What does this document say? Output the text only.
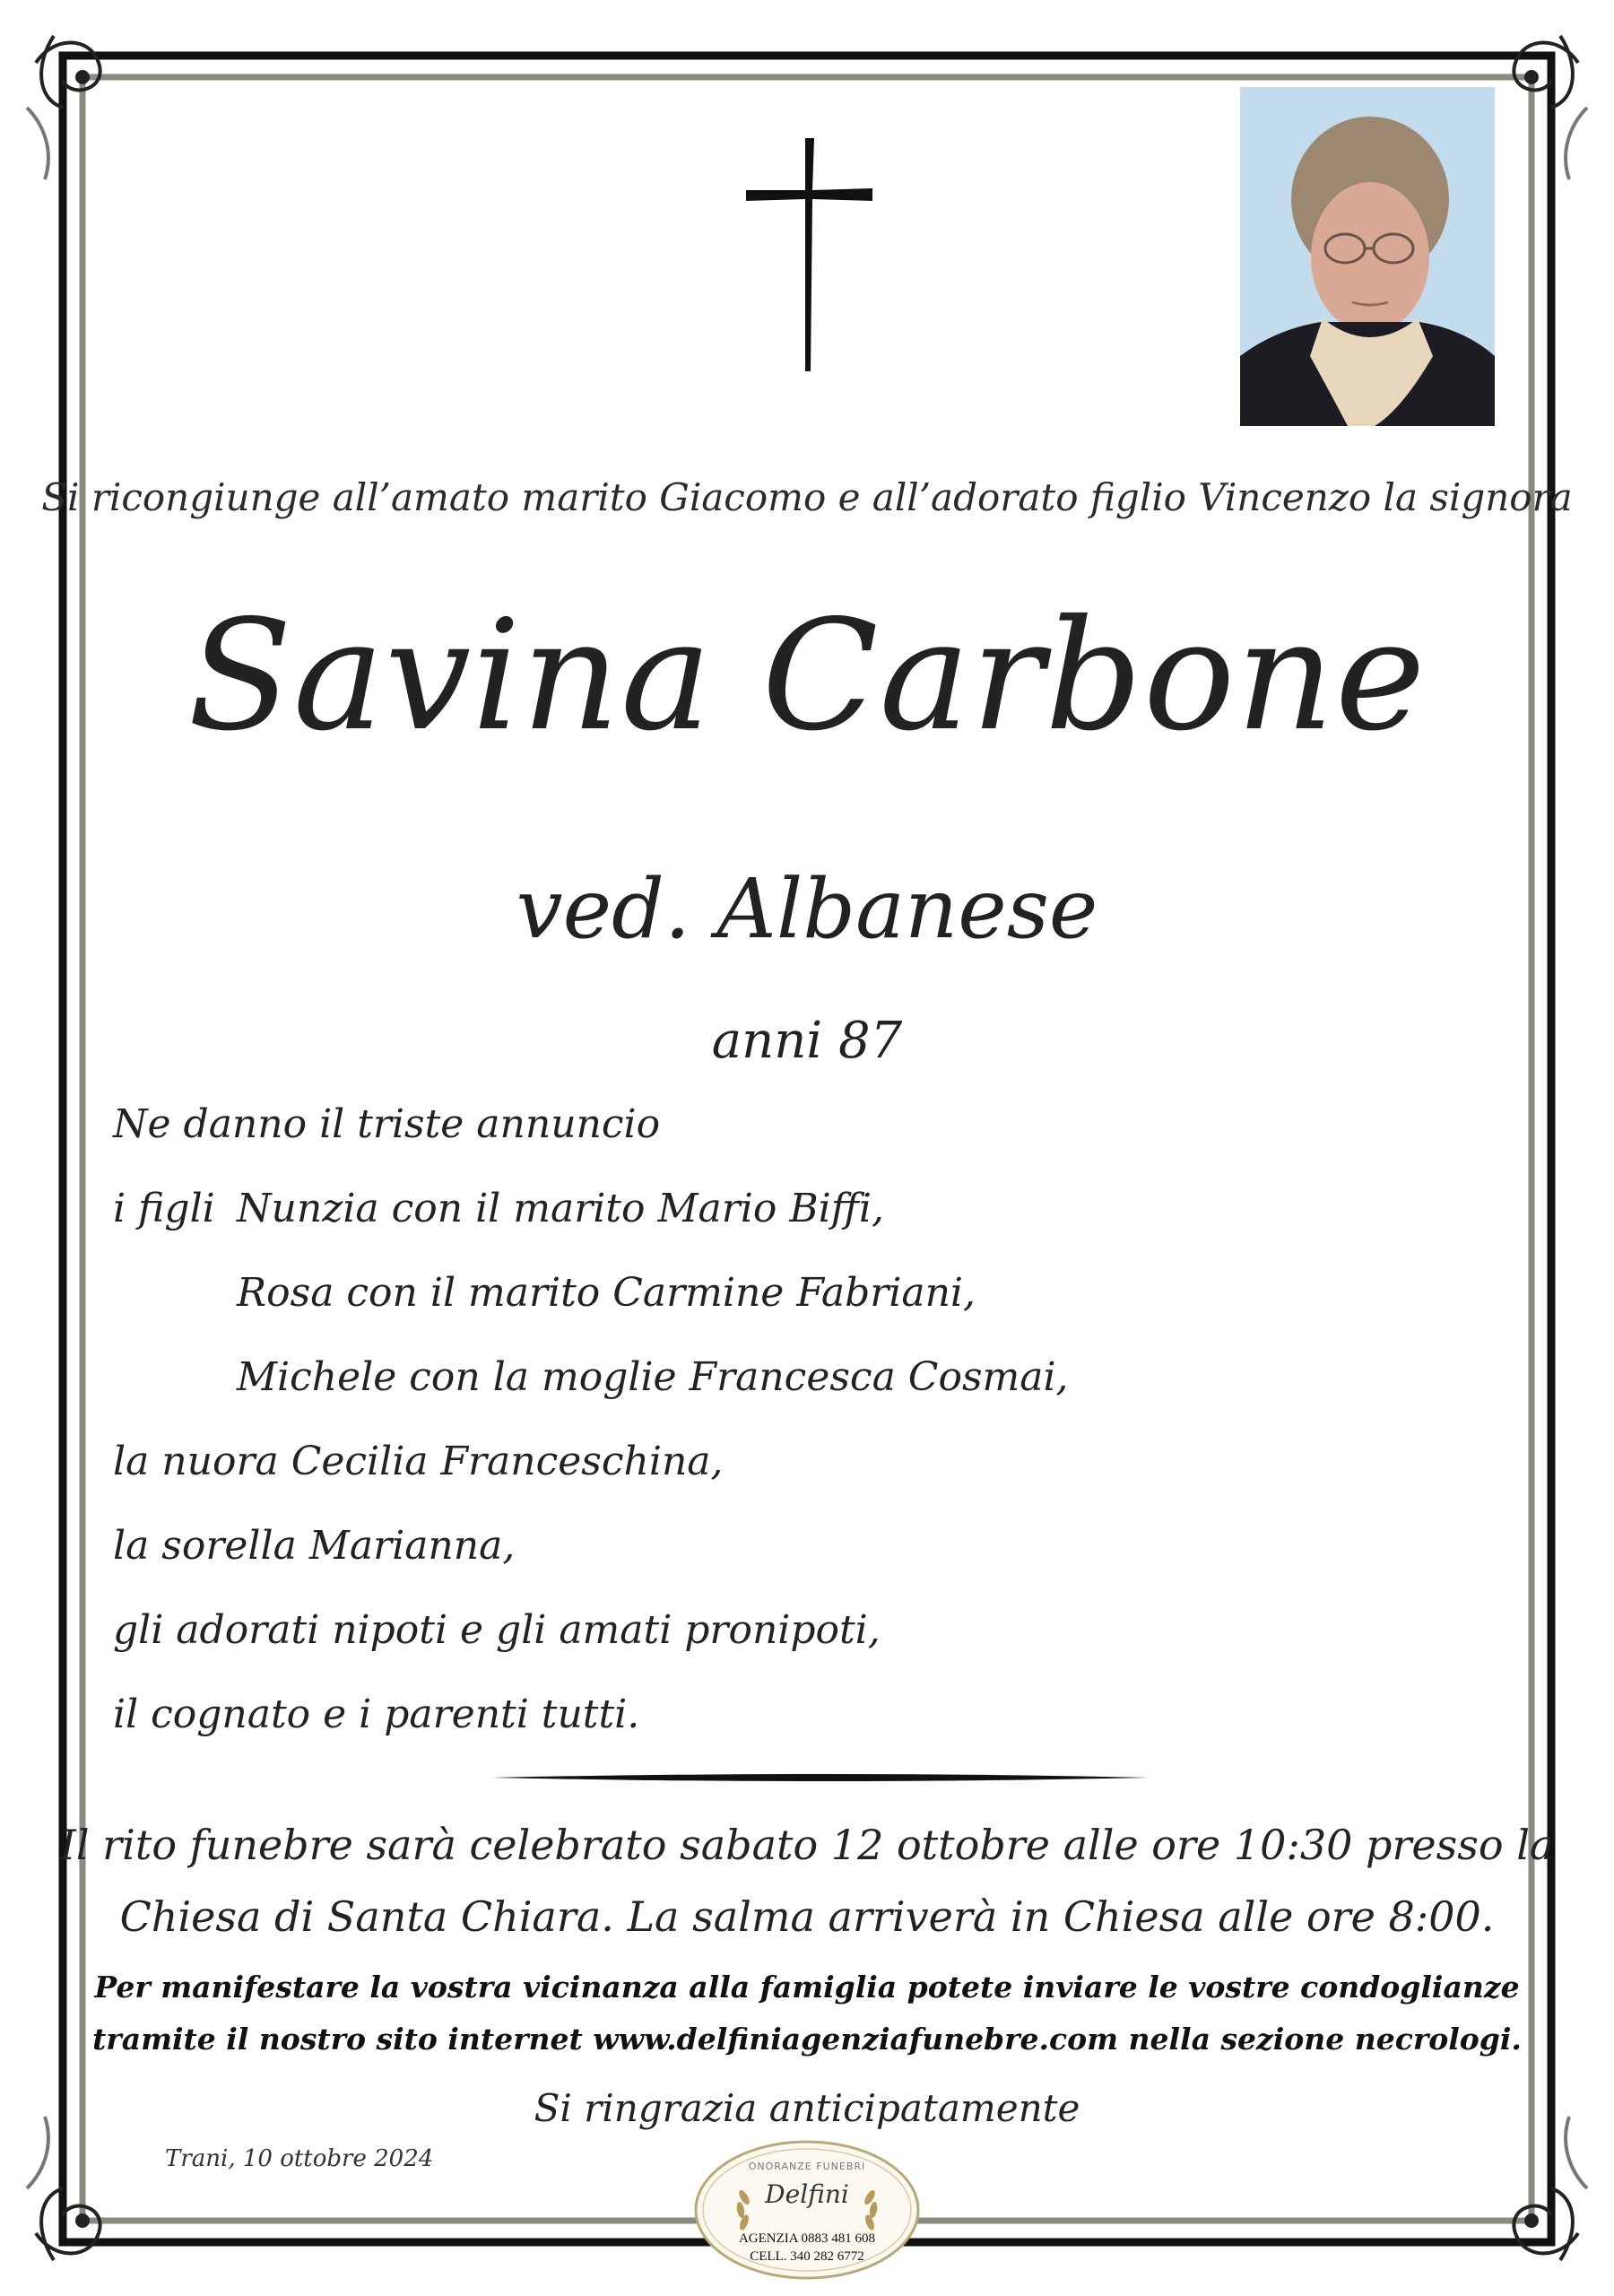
Si ricongiunge all’amato marito Giacomo e all’adorato figlio Vincenzo la signora
Savina Carbone
ved. Albanese
anni 87
Ne danno il triste annuncio
i figli Nunzia con il marito Mario Biffi,
Rosa con il marito Carmine Fabriani,
Michele con la moglie Francesca Cosmai,
la nuora Cecilia Franceschina,
la sorella Marianna,
gli adorati nipoti e gli amati pronipoti,
il cognato e i parenti tutti.
Il rito funebre sarà celebrato sabato 12 ottobre alle ore 10:30 presso la
Chiesa di Santa Chiara. La salma arriverà in Chiesa alle ore 8:00.
Per manifestare la vostra vicinanza alla famiglia potete inviare le vostre condoglianze
tramite il nostro sito internet www.delfiniagenziafunebre.com nella sezione necrologi.
Si ringrazia anticipatamente
Trani, 10 ottobre 2024	ONORANZE FUNEBRI
Delfini
AGENZIA 0883 481 608
CELL. 340 282 6772
